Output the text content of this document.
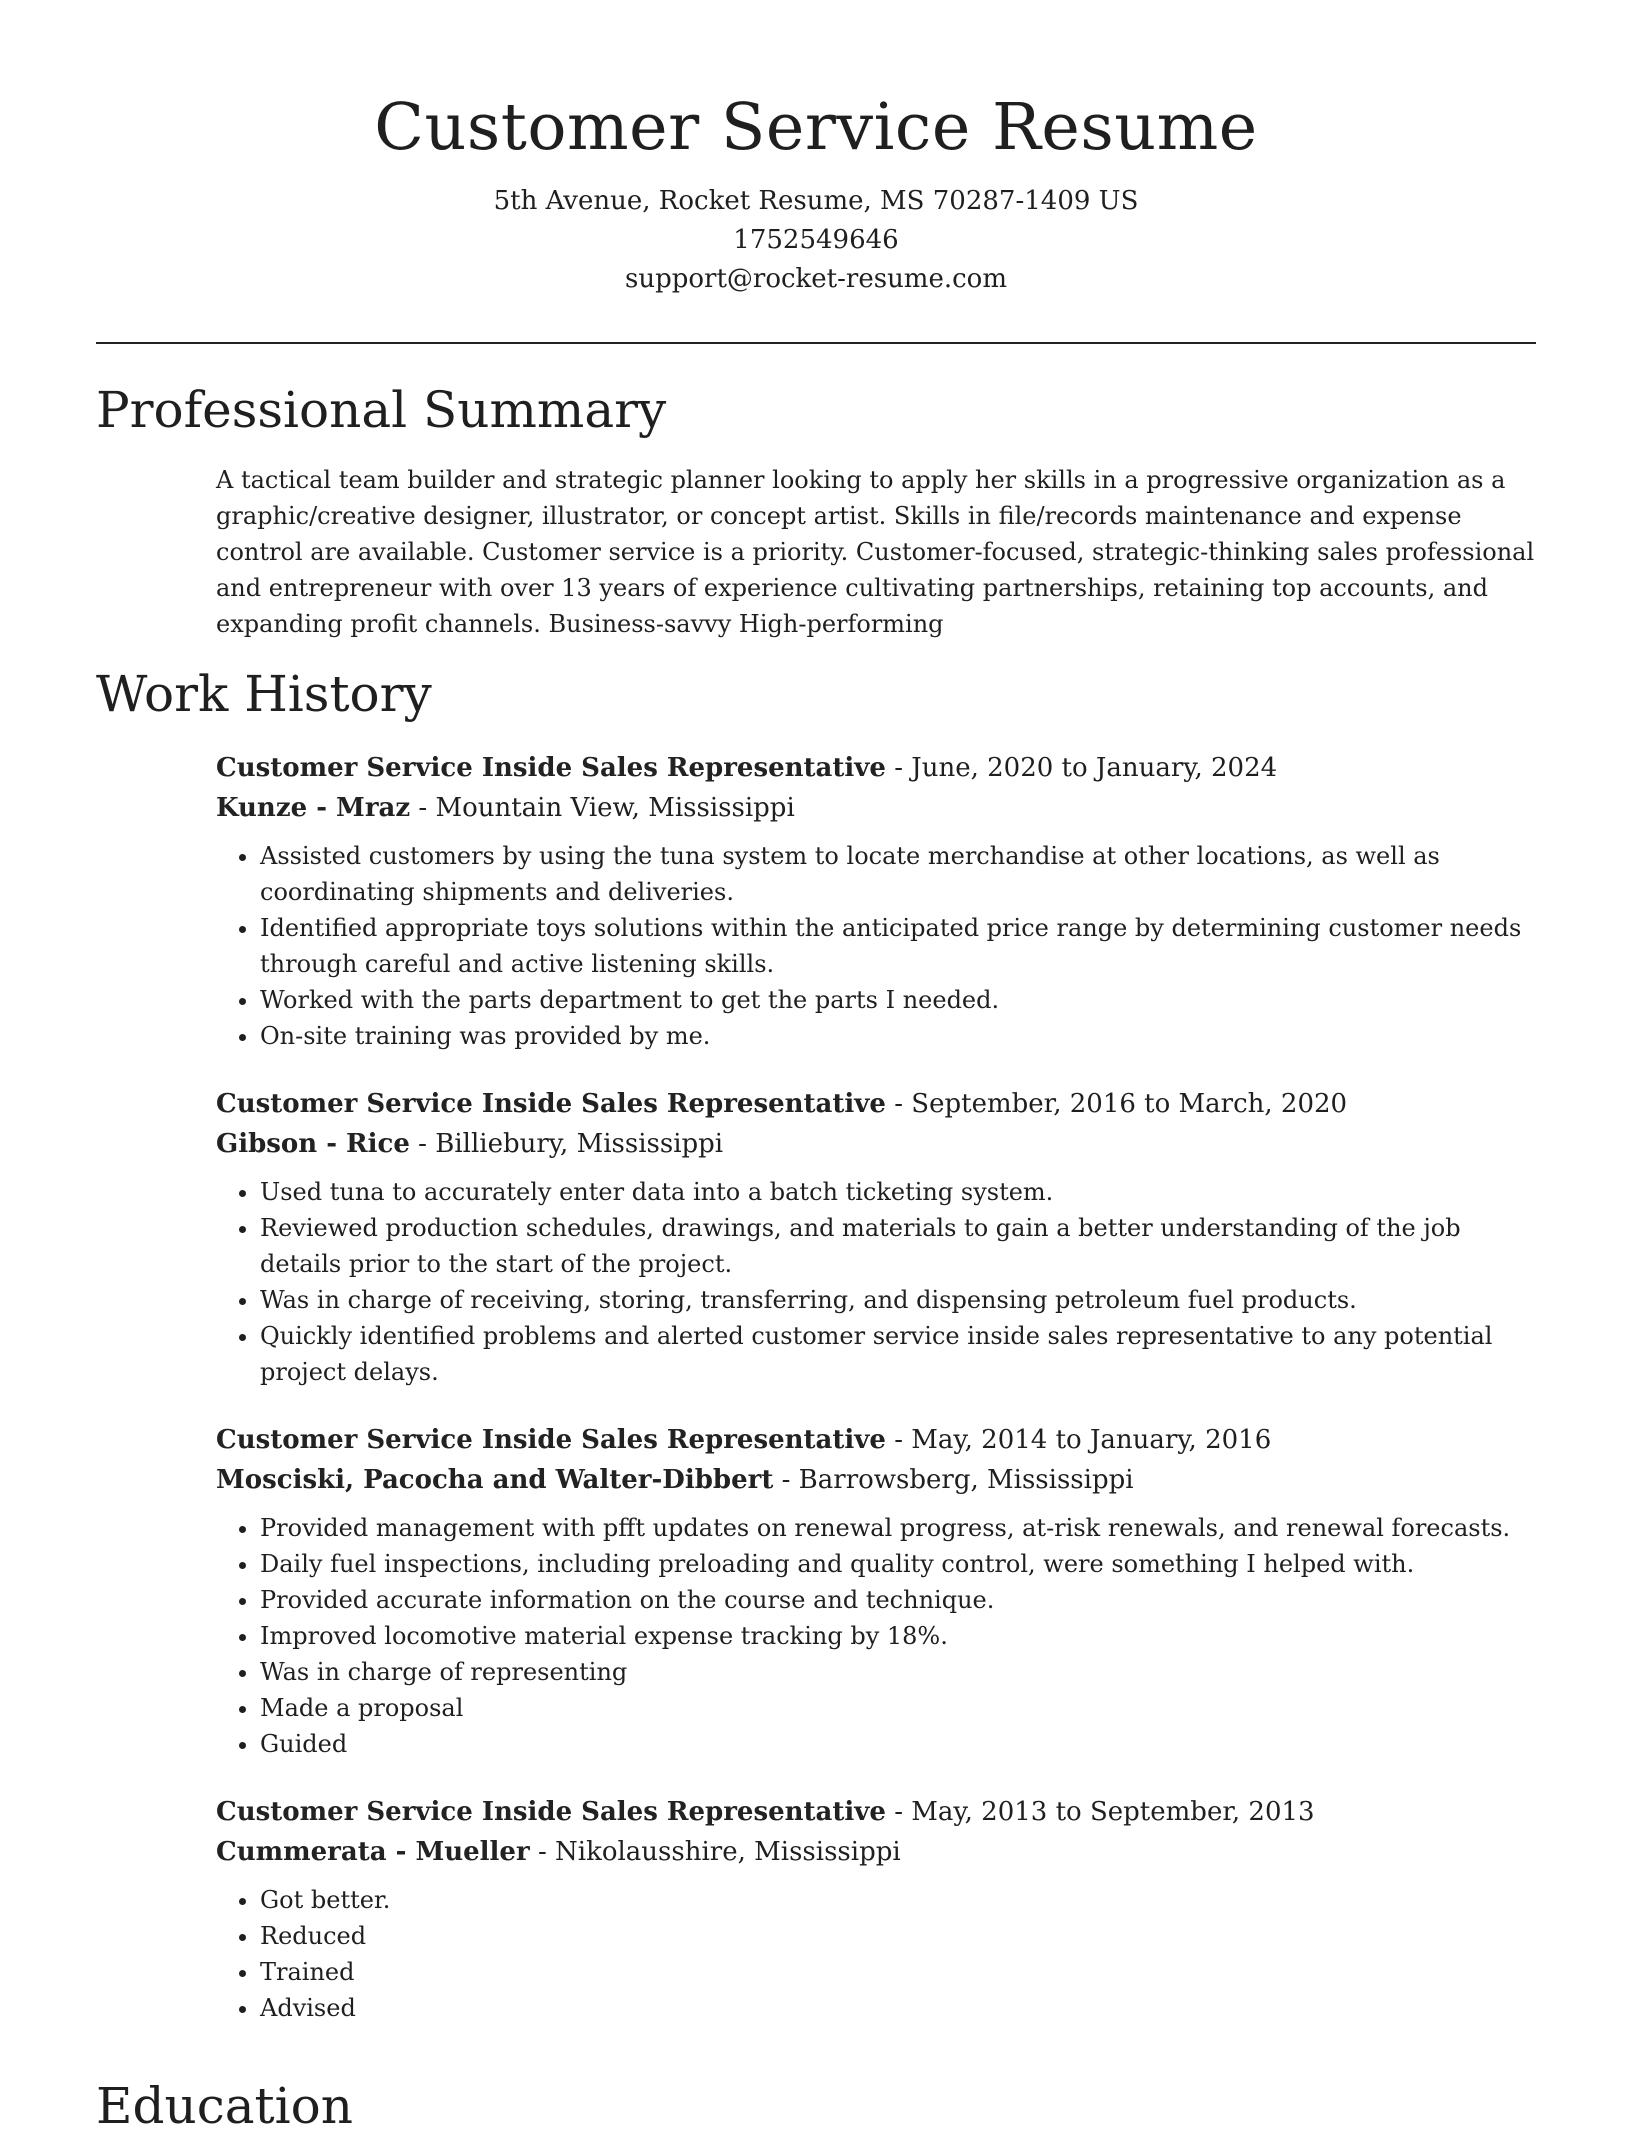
Customer Service Resume
5th Avenue, Rocket Resume, MS 70287-1409 US
1752549646
support@rocket-resume.com
Professional Summary

A tactical team builder and strategic planner looking to apply her skills in a progressive organization as a graphic/creative designer, illustrator, or concept artist. Skills in file/records maintenance and expense control are available. Customer service is a priority. Customer-focused, strategic-thinking sales professional and entrepreneur with over 13 years of experience cultivating partnerships, retaining top accounts, and expanding profit channels. Business-savvy High-performing

Work History
Customer Service Inside Sales Representative - June, 2020 to January, 2024
Kunze - Mraz - Mountain View, Mississippi
• Assisted customers by using the tuna system to locate merchandise at other locations, as well as coordinating shipments and deliveries.
• Identified appropriate toys solutions within the anticipated price range by determining customer needs through careful and active listening skills.
• Worked with the parts department to get the parts I needed.
• On-site training was provided by me.
Customer Service Inside Sales Representative - September, 2016 to March, 2020
Gibson - Rice - Billiebury, Mississippi
• Used tuna to accurately enter data into a batch ticketing system.
• Reviewed production schedules, drawings, and materials to gain a better understanding of the job details prior to the start of the project.
• Was in charge of receiving, storing, transferring, and dispensing petroleum fuel products.
• Quickly identified problems and alerted customer service inside sales representative to any potential project delays.
Customer Service Inside Sales Representative - May, 2014 to January, 2016
Mosciski, Pacocha and Walter-Dibbert - Barrowsberg, Mississippi
• Provided management with pfft updates on renewal progress, at-risk renewals, and renewal forecasts.
• Daily fuel inspections, including preloading and quality control, were something I helped with.
• Provided accurate information on the course and technique.
• Improved locomotive material expense tracking by 18%.
• Was in charge of representing
• Made a proposal
• Guided
Customer Service Inside Sales Representative - May, 2013 to September, 2013
Cummerata - Mueller - Nikolausshire, Mississippi
• Got better.
• Reduced
• Trained
• Advised
Education
